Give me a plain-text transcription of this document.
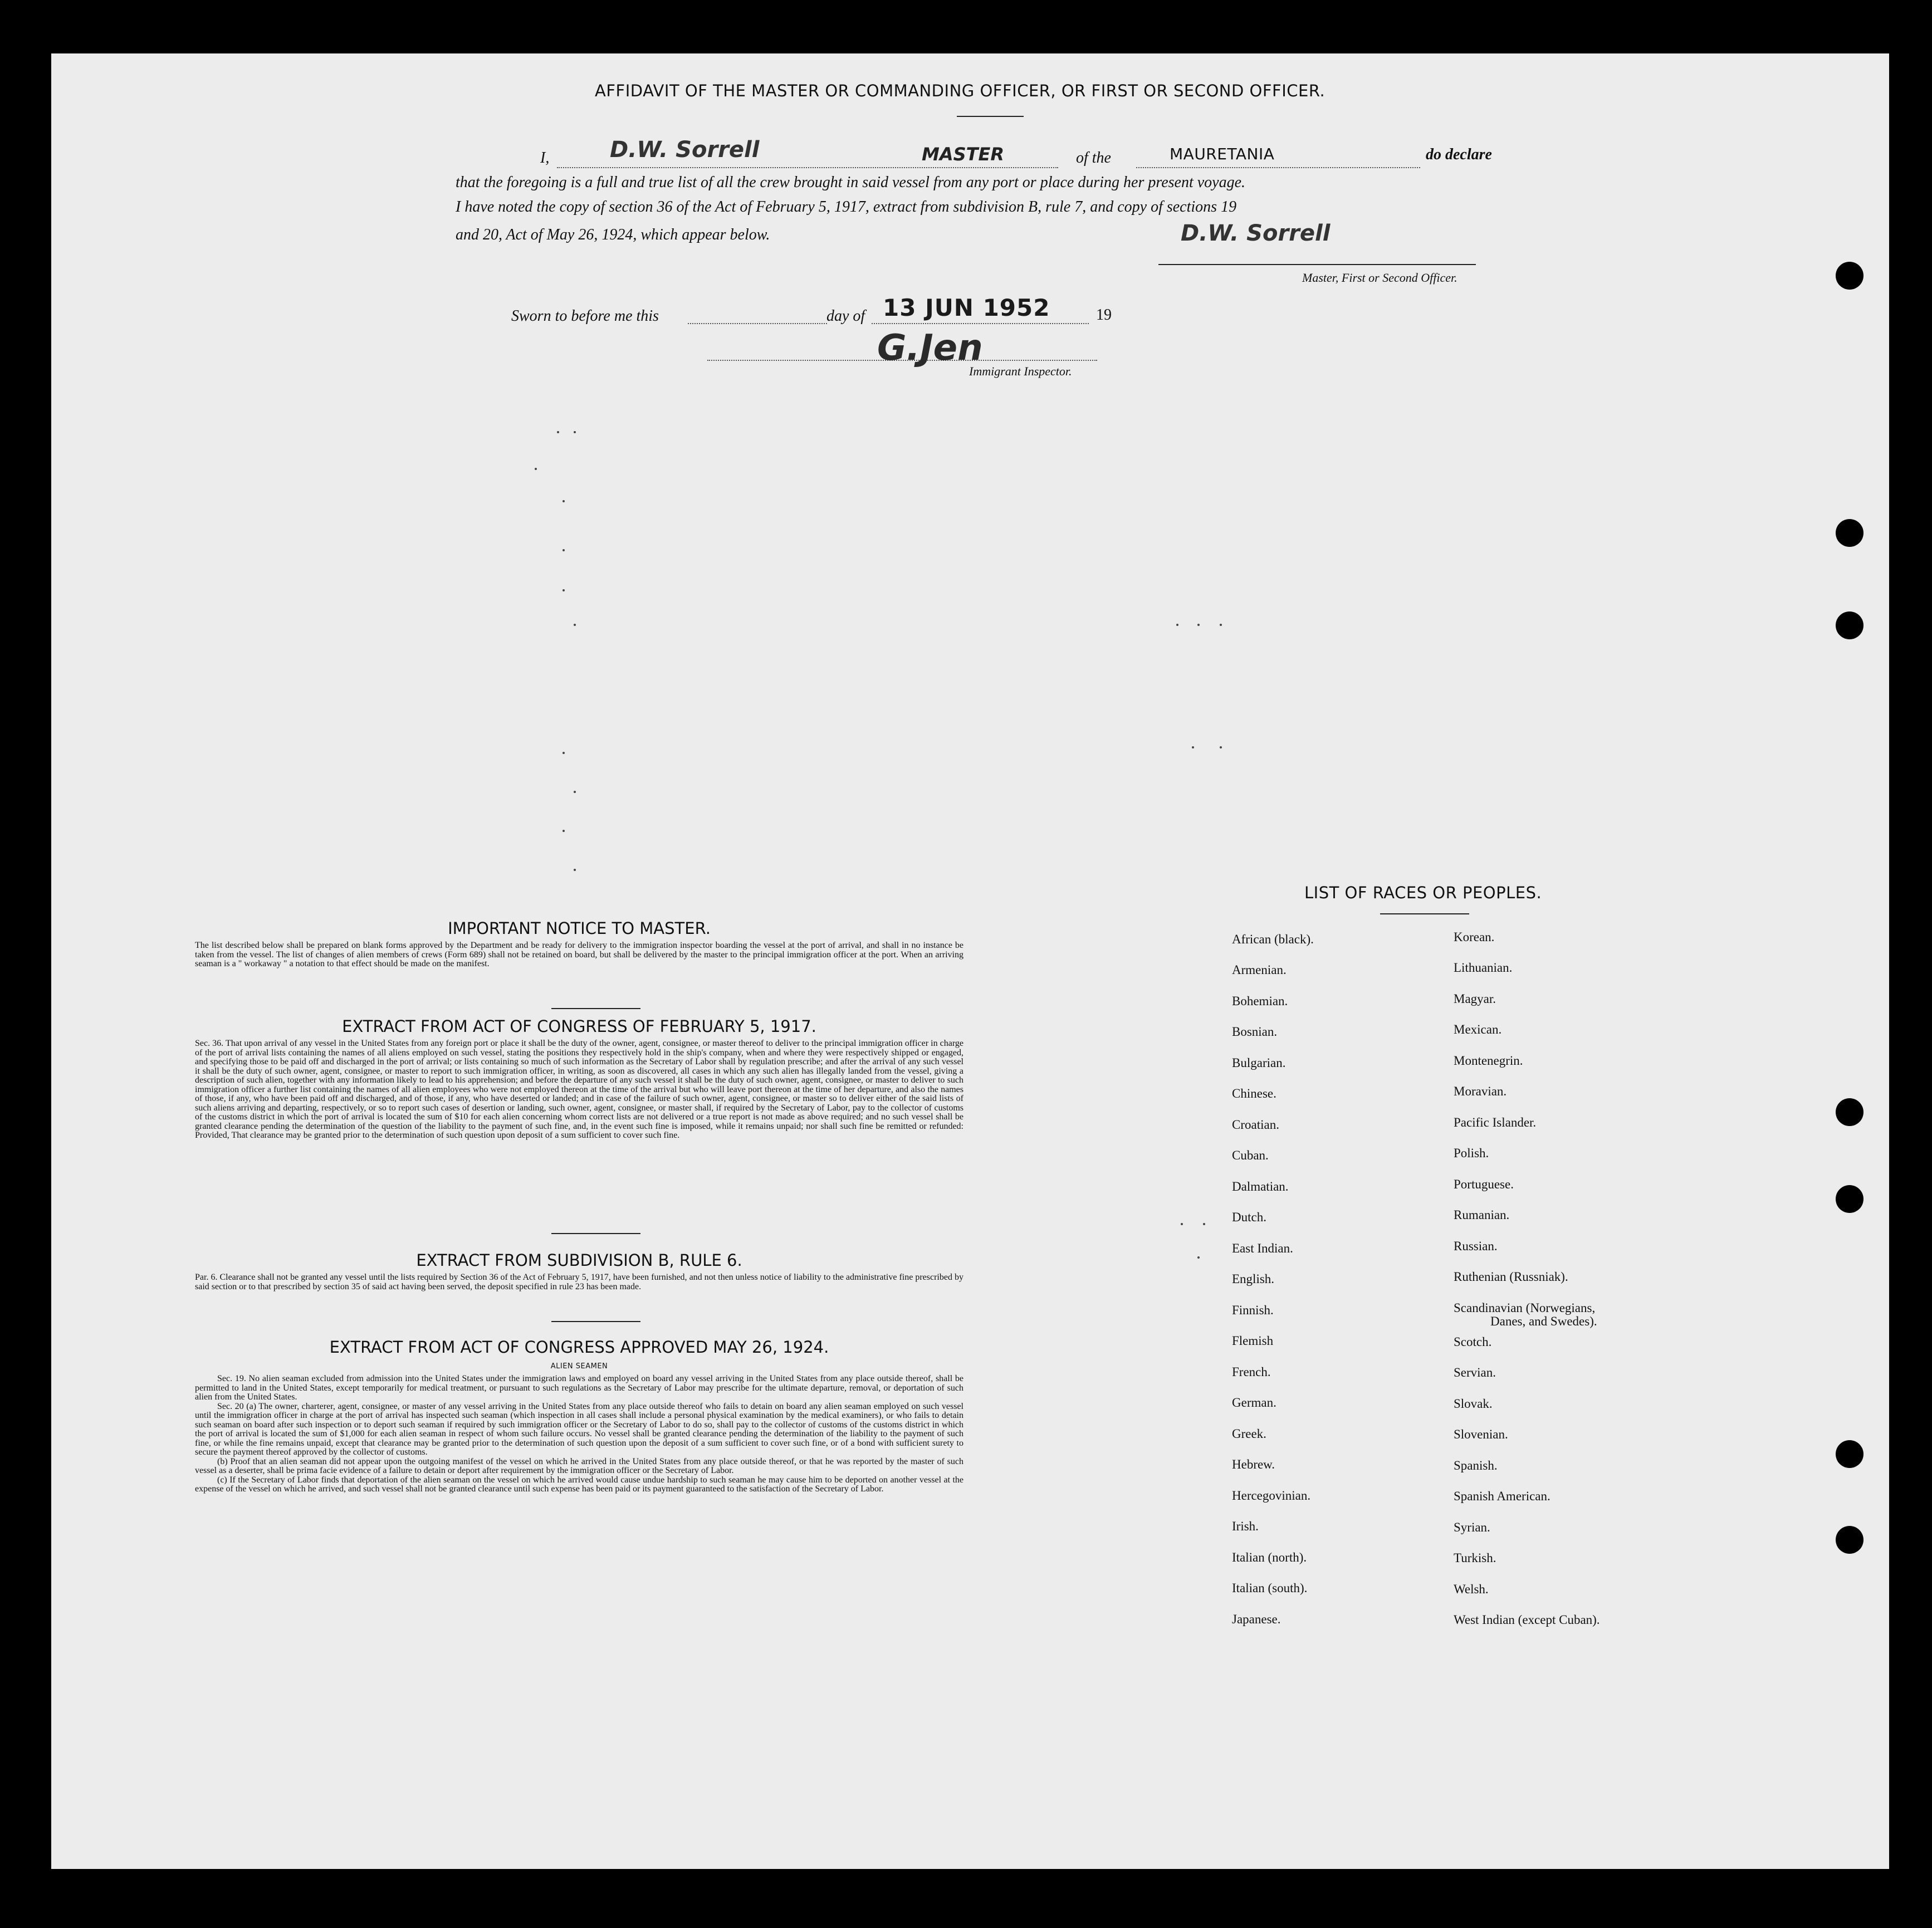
AFFIDAVIT OF THE MASTER OR COMMANDING OFFICER, OR FIRST OR SECOND OFFICER.
I,	D.W. Sorrell	MASTER	of the	MAURETANIA	do declare
that the foregoing is a full and true list of all the crew brought in said vessel from any port or place during her present voyage.
I have noted the copy of section 36 of the Act of February 5, 1917, extract from subdivision B, rule 7, and copy of sections 19
and 20, Act of May 26, 1924, which appear below.	D.W. Sorrell
Master, First or Second Officer.
Sworn to before me this	day of 13 JUN 1952	19
G.Jen
Immigrant Inspector.
IMPORTANT NOTICE TO MASTER.
The list described below shall be prepared on blank forms approved by the Department and be ready for delivery to the immigration inspector boarding the vessel at the port of arrival, and shall in no instance be taken from the vessel. The list of changes of alien members of crews (Form 689) shall not be retained on board, but shall be delivered by the master to the principal immigration officer at the port. When an arriving seaman is a " workaway " a notation to that effect should be made on the manifest.
EXTRACT FROM ACT OF CONGRESS OF FEBRUARY 5, 1917.
Sec. 36. That upon arrival of any vessel in the United States from any foreign port or place it shall be the duty of the owner, agent, consignee, or master thereof to deliver to the principal immigration officer in charge of the port of arrival lists containing the names of all aliens employed on such vessel, stating the positions they respectively hold in the ship's company, when and where they were respectively shipped or engaged, and specifying those to be paid off and discharged in the port of arrival; or lists containing so much of such information as the Secretary of Labor shall by regulation prescribe; and after the arrival of any such vessel it shall be the duty of such owner, agent, consignee, or master to report to such immigration officer, in writing, as soon as discovered, all cases in which any such alien has illegally landed from the vessel, giving a description of such alien, together with any information likely to lead to his apprehension; and before the departure of any such vessel it shall be the duty of such owner, agent, consignee, or master to deliver to such immigration officer a further list containing the names of all alien employees who were not employed thereon at the time of the arrival but who will leave port thereon at the time of her departure, and also the names of those, if any, who have been paid off and discharged, and of those, if any, who have deserted or landed; and in case of the failure of such owner, agent, consignee, or master so to deliver either of the said lists of such aliens arriving and departing, respectively, or so to report such cases of desertion or landing, such owner, agent, consignee, or master shall, if required by the Secretary of Labor, pay to the collector of customs of the customs district in which the port of arrival is located the sum of $10 for each alien concerning whom correct lists are not delivered or a true report is not made as above required; and no such vessel shall be granted clearance pending the determination of the question of the liability to the payment of such fine, and, in the event such fine is imposed, while it remains unpaid; nor shall such fine be remitted or refunded: Provided, That clearance may be granted prior to the determination of such question upon deposit of a sum sufficient to cover such fine.
EXTRACT FROM SUBDIVISION B, RULE 6.
Par. 6. Clearance shall not be granted any vessel until the lists required by Section 36 of the Act of February 5, 1917, have been furnished, and not then unless notice of liability to the administrative fine prescribed by said section or to that prescribed by section 35 of said act having been served, the deposit specified in rule 23 has been made.
EXTRACT FROM ACT OF CONGRESS APPROVED MAY 26, 1924.
ALIEN SEAMEN

Sec. 19. No alien seaman excluded from admission into the United States under the immigration laws and employed on board any vessel arriving in the United States from any place outside thereof, shall be permitted to land in the United States, except temporarily for medical treatment, or pursuant to such regulations as the Secretary of Labor may prescribe for the ultimate departure, removal, or deportation of such alien from the United States.

Sec. 20 (a) The owner, charterer, agent, consignee, or master of any vessel arriving in the United States from any place outside thereof who fails to detain on board any alien seaman employed on such vessel until the immigration officer in charge at the port of arrival has inspected such seaman (which inspection in all cases shall include a personal physical examination by the medical examiners), or who fails to detain such seaman on board after such inspection or to deport such seaman if required by such immigration officer or the Secretary of Labor to do so, shall pay to the collector of customs of the customs district in which the port of arrival is located the sum of $1,000 for each alien seaman in respect of whom such failure occurs. No vessel shall be granted clearance pending the determination of the liability to the payment of such fine, or while the fine remains unpaid, except that clearance may be granted prior to the determination of such question upon the deposit of a sum sufficient to cover such fine, or of a bond with sufficient surety to secure the payment thereof approved by the collector of customs.

(b) Proof that an alien seaman did not appear upon the outgoing manifest of the vessel on which he arrived in the United States from any place outside thereof, or that he was reported by the master of such vessel as a deserter, shall be prima facie evidence of a failure to detain or deport after requirement by the immigration officer or the Secretary of Labor.

(c) If the Secretary of Labor finds that deportation of the alien seaman on the vessel on which he arrived would cause undue hardship to such seaman he may cause him to be deported on another vessel at the expense of the vessel on which he arrived, and such vessel shall not be granted clearance until such expense has been paid or its payment guaranteed to the satisfaction of the Secretary of Labor.

LIST OF RACES OR PEOPLES.
African (black).
Armenian.
Bohemian.
Bosnian.
Bulgarian.
Chinese.
Croatian.
Cuban.
Dalmatian.
Dutch.
East Indian.
English.
Finnish.
Flemish
French.
German.
Greek.
Hebrew.
Hercegovinian.
Irish.
Italian (north).
Italian (south).
Japanese.
Korean.
Lithuanian.
Magyar.
Mexican.
Montenegrin.
Moravian.
Pacific Islander.
Polish.
Portuguese.
Rumanian.
Russian.
Ruthenian (Russniak).
Scandinavian (Norwegians,
Danes, and Swedes).
Scotch.
Servian.
Slovak.
Slovenian.
Spanish.
Spanish American.
Syrian.
Turkish.
Welsh.
West Indian (except Cuban).
